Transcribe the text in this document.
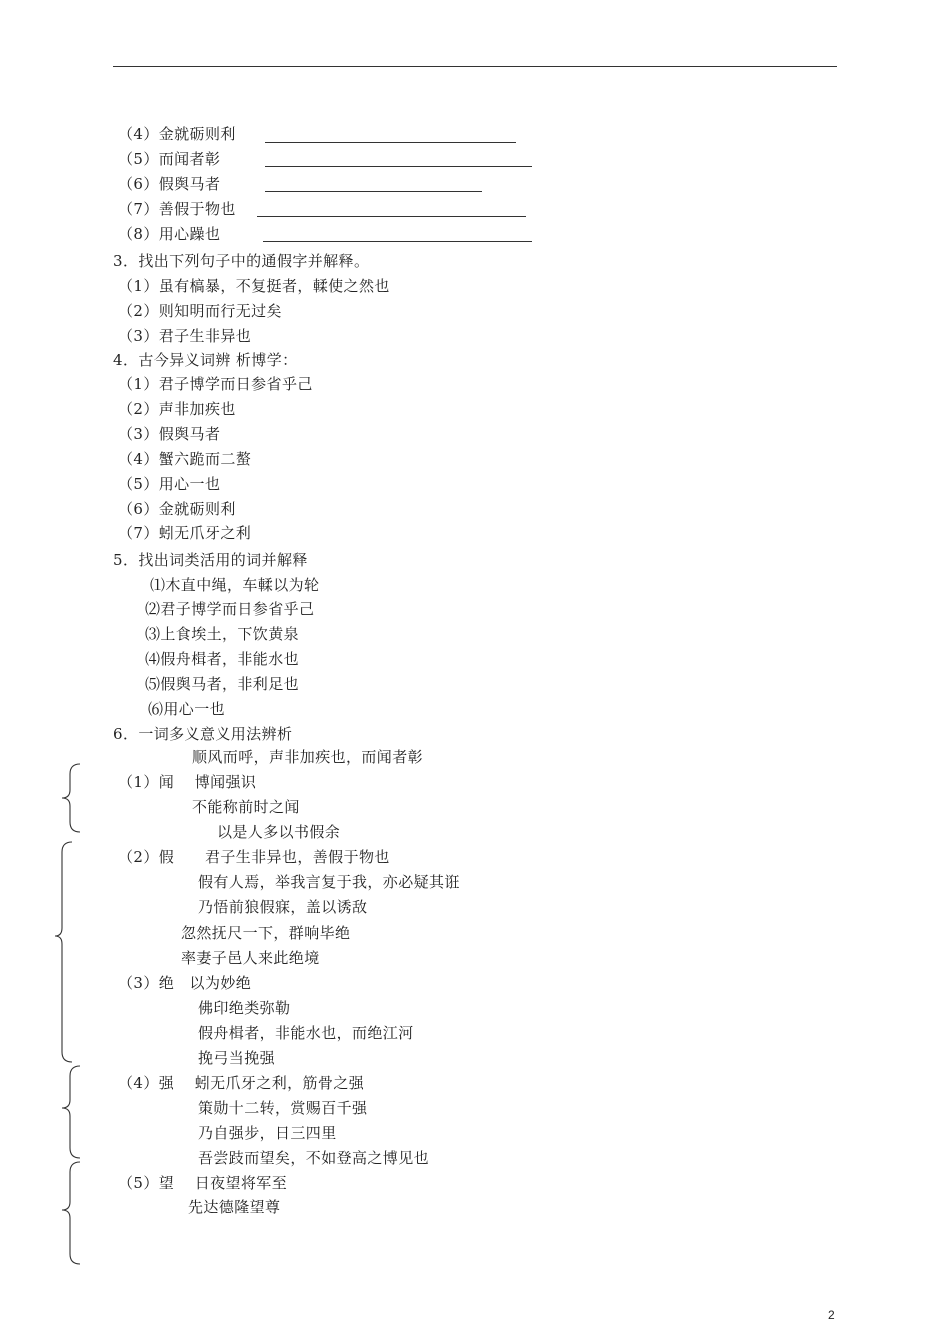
（4）金就砺则利
（5）而闻者彰
（6）假舆马者
（7）善假于物也
（8）用心躁也
3．找出下列句子中的通假字并解释。
（1）虽有槁暴，不复挺者，輮使之然也
（2）则知明而行无过矣
（3）君子生非异也
4．古今异义词辨 析博学：
（1）君子博学而日参省乎己
（2）声非加疾也
（3）假舆马者
（4）蟹六跪而二螯
（5）用心一也
（6）金就砺则利
（7）蚓无爪牙之利
5．找出词类活用的词并解释
⑴木直中绳，车輮以为轮
⑵君子博学而日参省乎己
⑶上食埃土，下饮黄泉
⑷假舟楫者，非能水也
⑸假舆马者，非利足也
⑹用心一也
6．一词多义意义用法辨析
顺风而呼，声非加疾也，而闻者彰
（1）闻　 博闻强识
不能称前时之闻
以是人多以书假余
（2）假　　君子生非异也，善假于物也
假有人焉，举我言复于我，亦必疑其诳
乃悟前狼假寐，盖以诱敌
忽然抚尺一下，群响毕绝
率妻子邑人来此绝境
（3）绝　以为妙绝
佛印绝类弥勒
假舟楫者，非能水也，而绝江河
挽弓当挽强
（4）强　 蚓无爪牙之利，筋骨之强
策勋十二转，赏赐百千强
乃自强步，日三四里
吾尝跂而望矣，不如登高之博见也
（5）望　 日夜望将军至
先达德隆望尊
2
